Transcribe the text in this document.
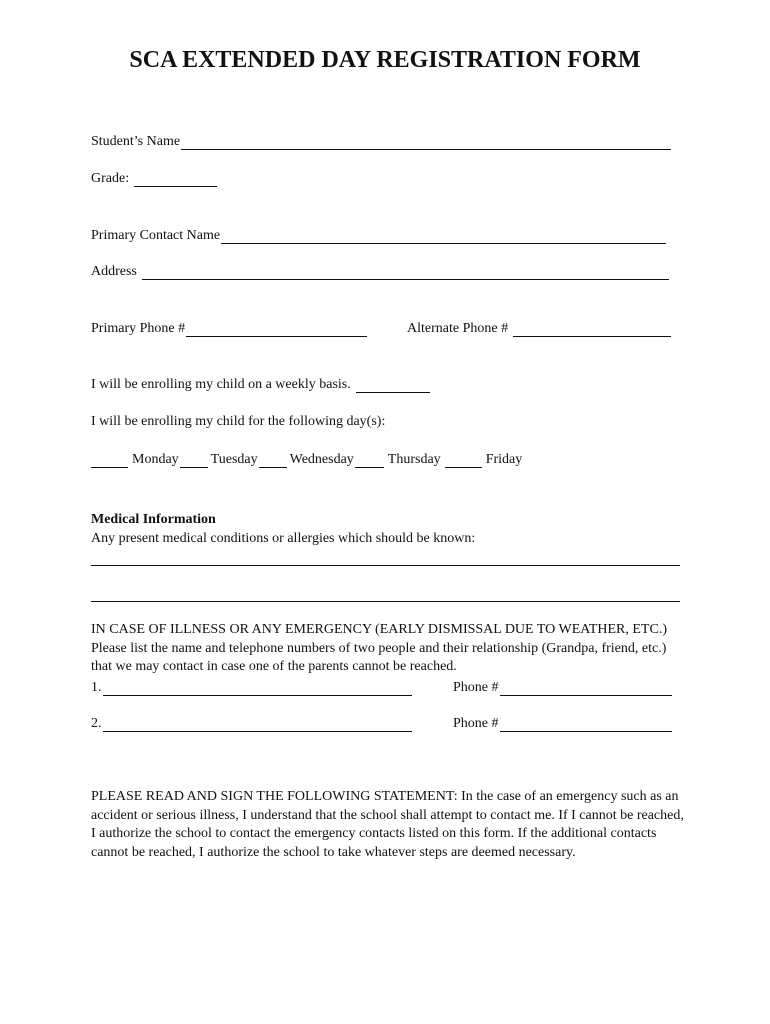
SCA EXTENDED DAY REGISTRATION FORM
Student’s Name
Grade:
Primary Contact Name
Address
Primary Phone #	Alternate Phone #
I will be enrolling my child on a weekly basis.
I will be enrolling my child for the following day(s):
Monday Tuesday Wednesday Thursday	Friday
Medical Information
Any present medical conditions or allergies which should be known:
IN CASE OF ILLNESS OR ANY EMERGENCY (EARLY DISMISSAL DUE TO WEATHER, ETC.) Please list the name and telephone numbers of two people and their relationship (Grandpa, friend, etc.) that we may contact in case one of the parents cannot be reached.
1.	Phone #
2.	Phone #
PLEASE READ AND SIGN THE FOLLOWING STATEMENT: In the case of an emergency such as an accident or serious illness, I understand that the school shall attempt to contact me. If I cannot be reached, I authorize the school to contact the emergency contacts listed on this form. If the additional contacts cannot be reached, I authorize the school to take whatever steps are deemed necessary.
